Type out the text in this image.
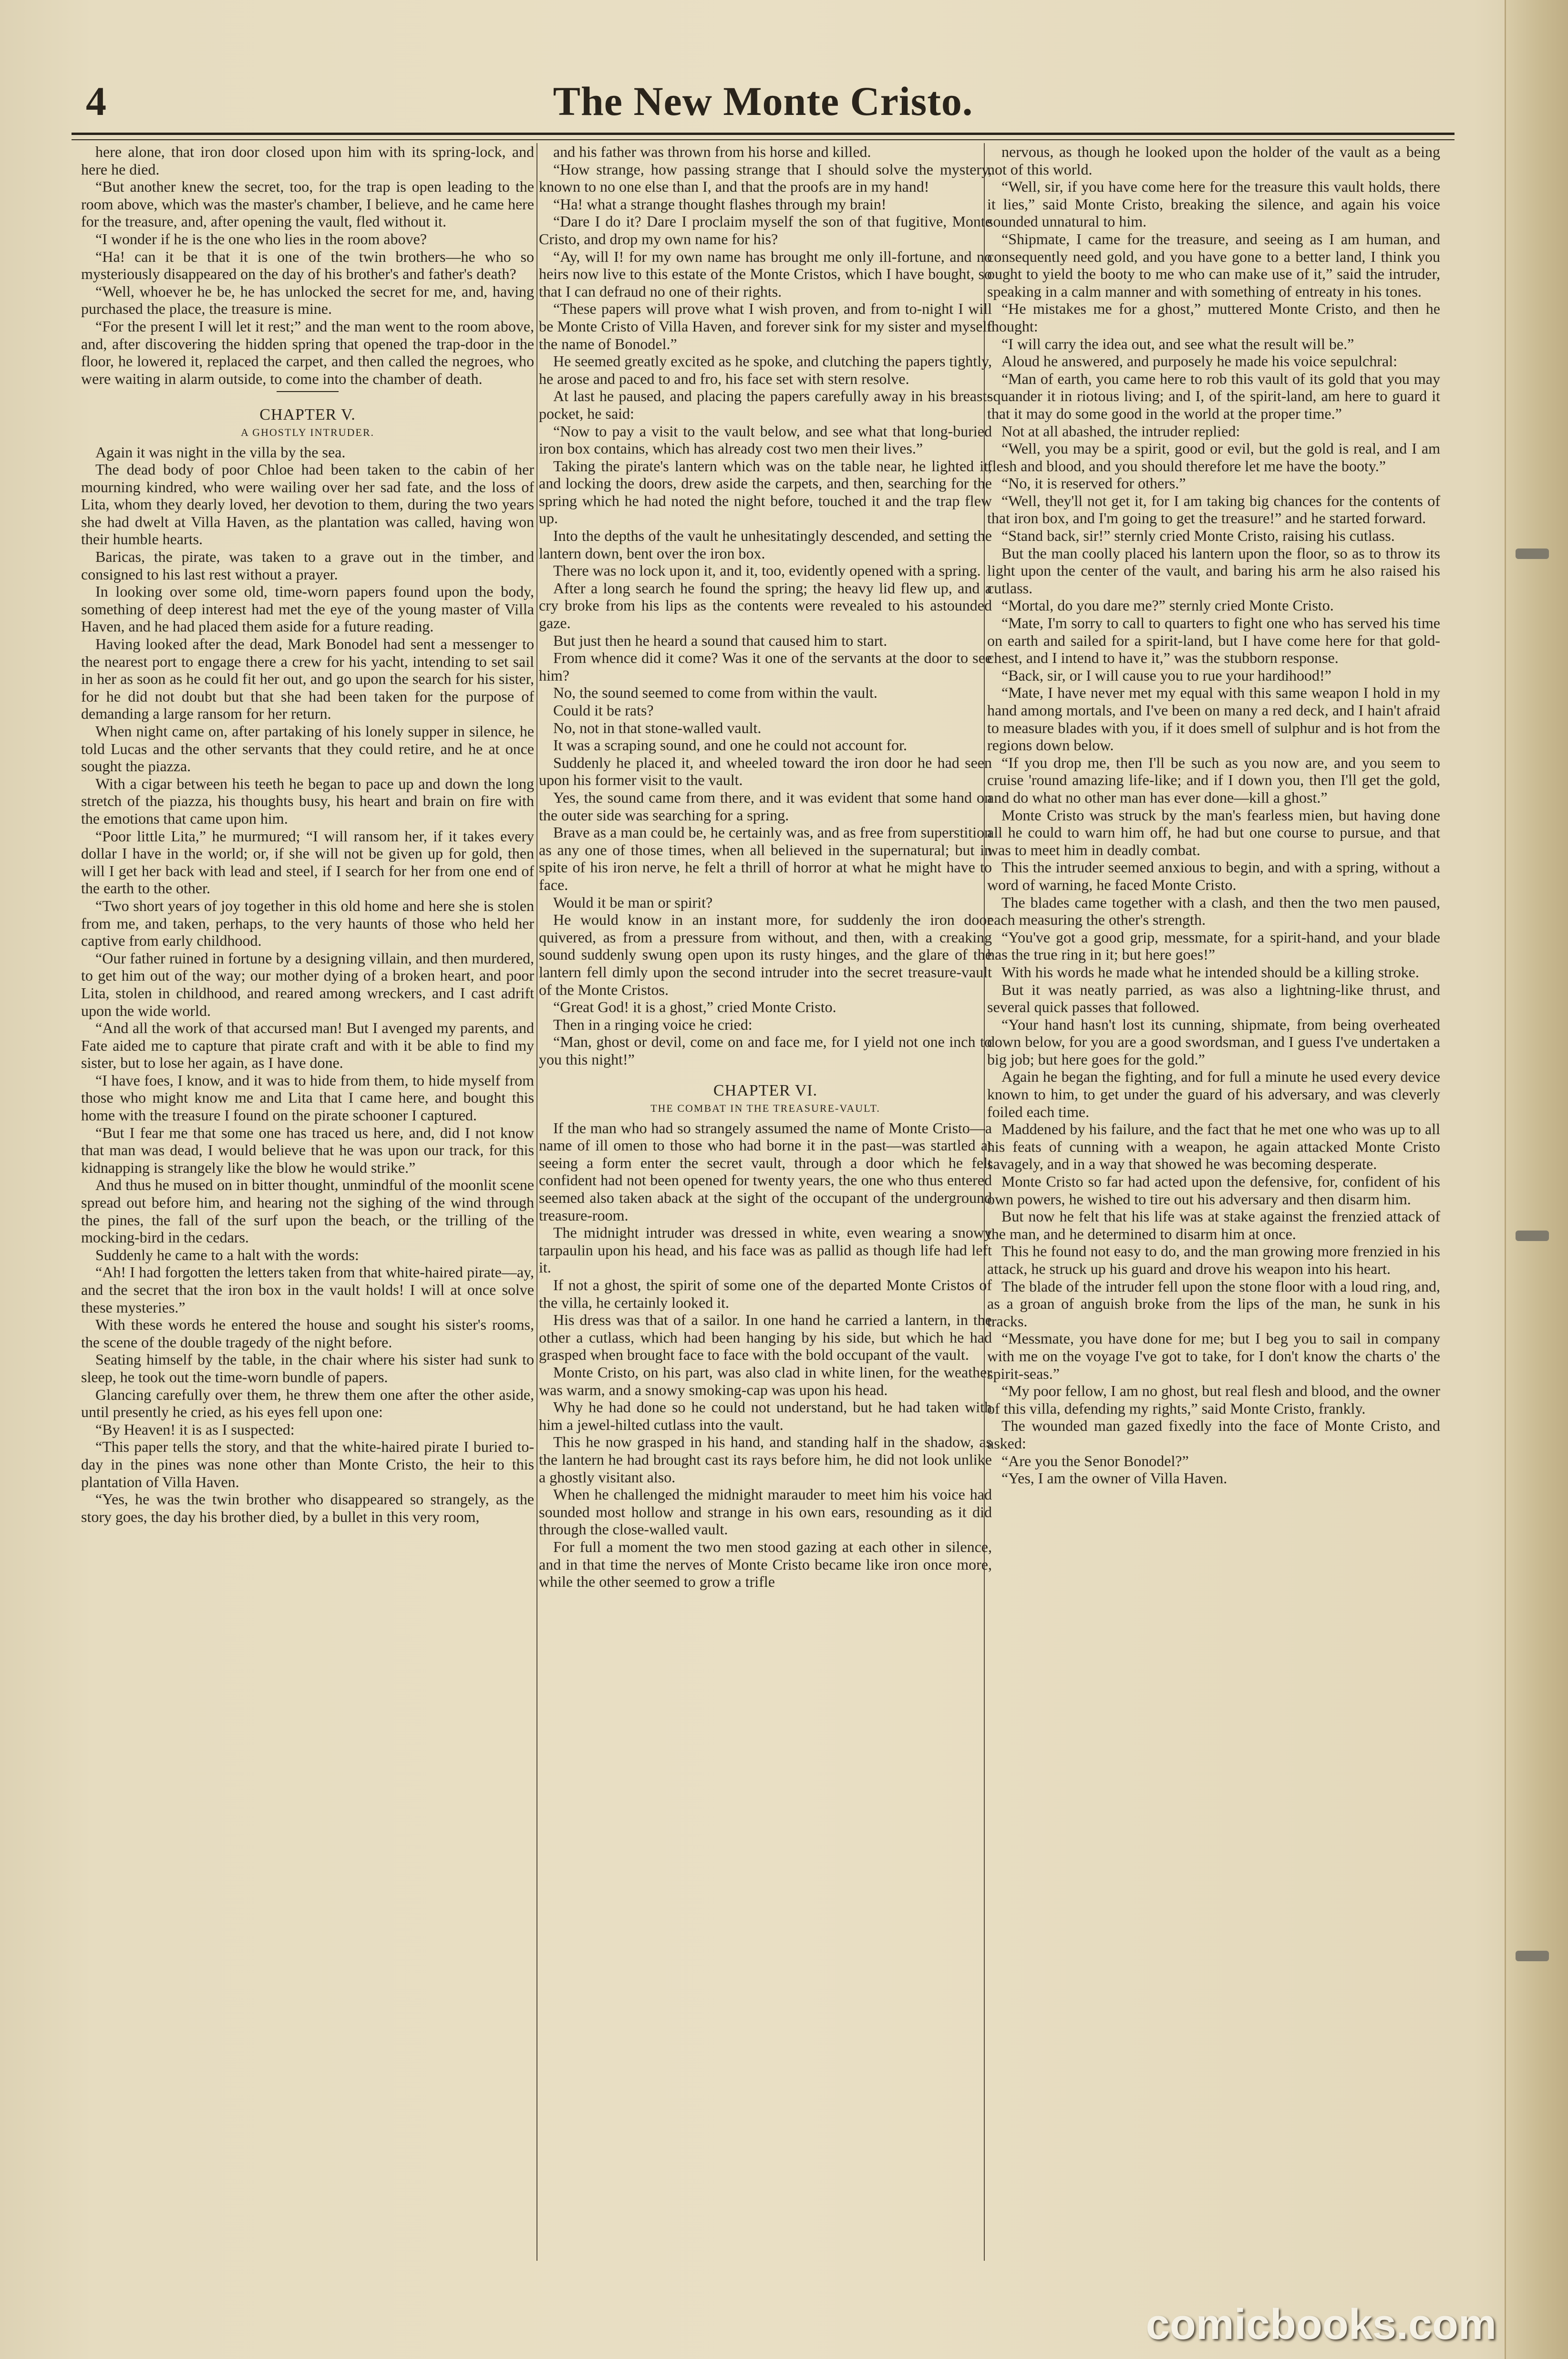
4	The New Monte Cristo.

here alone, that iron door closed upon him with its spring-lock, and here he died.

“But another knew the secret, too, for the trap is open leading to the room above, which was the master's chamber, I believe, and he came here for the treasure, and, after opening the vault, fled without it.

“I wonder if he is the one who lies in the room above?

“Ha! can it be that it is one of the twin brothers—he who so mysteriously disappeared on the day of his brother's and father's death?

“Well, whoever he be, he has unlocked the secret for me, and, having purchased the place, the treasure is mine.

“For the present I will let it rest;” and the man went to the room above, and, after discovering the hidden spring that opened the trap-door in the floor, he lowered it, replaced the carpet, and then called the negroes, who were waiting in alarm outside, to come into the chamber of death.

CHAPTER V.
A GHOSTLY INTRUDER.

Again it was night in the villa by the sea.

The dead body of poor Chloe had been taken to the cabin of her mourning kindred, who were wailing over her sad fate, and the loss of Lita, whom they dearly loved, her devotion to them, during the two years she had dwelt at Villa Haven, as the plantation was called, having won their humble hearts.

Baricas, the pirate, was taken to a grave out in the timber, and consigned to his last rest without a prayer.

In looking over some old, time-worn papers found upon the body, something of deep interest had met the eye of the young master of Villa Haven, and he had placed them aside for a future reading.

Having looked after the dead, Mark Bonodel had sent a messenger to the nearest port to engage there a crew for his yacht, intending to set sail in her as soon as he could fit her out, and go upon the search for his sister, for he did not doubt but that she had been taken for the purpose of demanding a large ransom for her return.

When night came on, after partaking of his lonely supper in silence, he told Lucas and the other servants that they could retire, and he at once sought the piazza.

With a cigar between his teeth he began to pace up and down the long stretch of the piazza, his thoughts busy, his heart and brain on fire with the emotions that came upon him.

“Poor little Lita,” he murmured; “I will ransom her, if it takes every dollar I have in the world; or, if she will not be given up for gold, then will I get her back with lead and steel, if I search for her from one end of the earth to the other.

“Two short years of joy together in this old home and here she is stolen from me, and taken, perhaps, to the very haunts of those who held her captive from early childhood.

“Our father ruined in fortune by a designing villain, and then murdered, to get him out of the way; our mother dying of a broken heart, and poor Lita, stolen in childhood, and reared among wreckers, and I cast adrift upon the wide world.

“And all the work of that accursed man! But I avenged my parents, and Fate aided me to capture that pirate craft and with it be able to find my sister, but to lose her again, as I have done.

“I have foes, I know, and it was to hide from them, to hide myself from those who might know me and Lita that I came here, and bought this home with the treasure I found on the pirate schooner I captured.

“But I fear me that some one has traced us here, and, did I not know that man was dead, I would believe that he was upon our track, for this kidnapping is strangely like the blow he would strike.”

And thus he mused on in bitter thought, unmindful of the moonlit scene spread out before him, and hearing not the sighing of the wind through the pines, the fall of the surf upon the beach, or the trilling of the mocking-bird in the cedars.

Suddenly he came to a halt with the words:

“Ah! I had forgotten the letters taken from that white-haired pirate—ay, and the secret that the iron box in the vault holds! I will at once solve these mysteries.”

With these words he entered the house and sought his sister's rooms, the scene of the double tragedy of the night before.

Seating himself by the table, in the chair where his sister had sunk to sleep, he took out the time-worn bundle of papers.

Glancing carefully over them, he threw them one after the other aside, until presently he cried, as his eyes fell upon one:

“By Heaven! it is as I suspected:

“This paper tells the story, and that the white-haired pirate I buried to-day in the pines was none other than Monte Cristo, the heir to this plantation of Villa Haven.

“Yes, he was the twin brother who disappeared so strangely, as the story goes, the day his brother died, by a bullet in this very room,

and his father was thrown from his horse and killed.

“How strange, how passing strange that I should solve the mystery, known to no one else than I, and that the proofs are in my hand!

“Ha! what a strange thought flashes through my brain!

“Dare I do it? Dare I proclaim myself the son of that fugitive, Monte Cristo, and drop my own name for his?

“Ay, will I! for my own name has brought me only ill-fortune, and no heirs now live to this estate of the Monte Cristos, which I have bought, so that I can defraud no one of their rights.

“These papers will prove what I wish proven, and from to-night I will be Monte Cristo of Villa Haven, and forever sink for my sister and myself the name of Bonodel.”

He seemed greatly excited as he spoke, and clutching the papers tightly, he arose and paced to and fro, his face set with stern resolve.

At last he paused, and placing the papers carefully away in his breast-pocket, he said:

“Now to pay a visit to the vault below, and see what that long-buried iron box contains, which has already cost two men their lives.”

Taking the pirate's lantern which was on the table near, he lighted it, and locking the doors, drew aside the carpets, and then, searching for the spring which he had noted the night before, touched it and the trap flew up.

Into the depths of the vault he unhesitatingly descended, and setting the lantern down, bent over the iron box.

There was no lock upon it, and it, too, evidently opened with a spring.

After a long search he found the spring; the heavy lid flew up, and a cry broke from his lips as the contents were revealed to his astounded gaze.

But just then he heard a sound that caused him to start.

From whence did it come? Was it one of the servants at the door to see him?

No, the sound seemed to come from within the vault.

Could it be rats?

No, not in that stone-walled vault.

It was a scraping sound, and one he could not account for.

Suddenly he placed it, and wheeled toward the iron door he had seen upon his former visit to the vault.

Yes, the sound came from there, and it was evident that some hand on the outer side was searching for a spring.

Brave as a man could be, he certainly was, and as free from superstition as any one of those times, when all believed in the supernatural; but in spite of his iron nerve, he felt a thrill of horror at what he might have to face.

Would it be man or spirit?

He would know in an instant more, for suddenly the iron door quivered, as from a pressure from without, and then, with a creaking sound suddenly swung open upon its rusty hinges, and the glare of the lantern fell dimly upon the second intruder into the secret treasure-vault of the Monte Cristos.

“Great God! it is a ghost,” cried Monte Cristo.

Then in a ringing voice he cried:

“Man, ghost or devil, come on and face me, for I yield not one inch to you this night!”

CHAPTER VI.
THE COMBAT IN THE TREASURE-VAULT.

If the man who had so strangely assumed the name of Monte Cristo—a name of ill omen to those who had borne it in the past—was startled at seeing a form enter the secret vault, through a door which he felt confident had not been opened for twenty years, the one who thus entered seemed also taken aback at the sight of the occupant of the underground treasure-room.

The midnight intruder was dressed in white, even wearing a snowy tarpaulin upon his head, and his face was as pallid as though life had left it.

If not a ghost, the spirit of some one of the departed Monte Cristos of the villa, he certainly looked it.

His dress was that of a sailor. In one hand he carried a lantern, in the other a cutlass, which had been hanging by his side, but which he had grasped when brought face to face with the bold occupant of the vault.

Monte Cristo, on his part, was also clad in white linen, for the weather was warm, and a snowy smoking-cap was upon his head.

Why he had done so he could not understand, but he had taken with him a jewel-hilted cutlass into the vault.

This he now grasped in his hand, and standing half in the shadow, as the lantern he had brought cast its rays before him, he did not look unlike a ghostly visitant also.

When he challenged the midnight marauder to meet him his voice had sounded most hollow and strange in his own ears, resounding as it did through the close-walled vault.

For full a moment the two men stood gazing at each other in silence, and in that time the nerves of Monte Cristo became like iron once more, while the other seemed to grow a trifle

nervous, as though he looked upon the holder of the vault as a being not of this world.

“Well, sir, if you have come here for the treasure this vault holds, there it lies,” said Monte Cristo, breaking the silence, and again his voice sounded unnatural to him.

“Shipmate, I came for the treasure, and seeing as I am human, and consequently need gold, and you have gone to a better land, I think you ought to yield the booty to me who can make use of it,” said the intruder, speaking in a calm manner and with something of entreaty in his tones.

“He mistakes me for a ghost,” muttered Monte Cristo, and then he thought:

“I will carry the idea out, and see what the result will be.”

Aloud he answered, and purposely he made his voice sepulchral:

“Man of earth, you came here to rob this vault of its gold that you may squander it in riotous living; and I, of the spirit-land, am here to guard it that it may do some good in the world at the proper time.”

Not at all abashed, the intruder replied:

“Well, you may be a spirit, good or evil, but the gold is real, and I am flesh and blood, and you should therefore let me have the booty.”

“No, it is reserved for others.”

“Well, they'll not get it, for I am taking big chances for the contents of that iron box, and I'm going to get the treasure!” and he started forward.

“Stand back, sir!” sternly cried Monte Cristo, raising his cutlass.

But the man coolly placed his lantern upon the floor, so as to throw its light upon the center of the vault, and baring his arm he also raised his cutlass.

“Mortal, do you dare me?” sternly cried Monte Cristo.

“Mate, I'm sorry to call to quarters to fight one who has served his time on earth and sailed for a spirit-land, but I have come here for that gold-chest, and I intend to have it,” was the stubborn response.

“Back, sir, or I will cause you to rue your hardihood!”

“Mate, I have never met my equal with this same weapon I hold in my hand among mortals, and I've been on many a red deck, and I hain't afraid to measure blades with you, if it does smell of sulphur and is hot from the regions down below.

“If you drop me, then I'll be such as you now are, and you seem to cruise 'round amazing life-like; and if I down you, then I'll get the gold, and do what no other man has ever done—kill a ghost.”

Monte Cristo was struck by the man's fearless mien, but having done all he could to warn him off, he had but one course to pursue, and that was to meet him in deadly combat.

This the intruder seemed anxious to begin, and with a spring, without a word of warning, he faced Monte Cristo.

The blades came together with a clash, and then the two men paused, each measuring the other's strength.

“You've got a good grip, messmate, for a spirit-hand, and your blade has the true ring in it; but here goes!”

With his words he made what he intended should be a killing stroke.

But it was neatly parried, as was also a lightning-like thrust, and several quick passes that followed.

“Your hand hasn't lost its cunning, shipmate, from being overheated down below, for you are a good swordsman, and I guess I've undertaken a big job; but here goes for the gold.”

Again he began the fighting, and for full a minute he used every device known to him, to get under the guard of his adversary, and was cleverly foiled each time.

Maddened by his failure, and the fact that he met one who was up to all his feats of cunning with a weapon, he again attacked Monte Cristo savagely, and in a way that showed he was becoming desperate.

Monte Cristo so far had acted upon the defensive, for, confident of his own powers, he wished to tire out his adversary and then disarm him.

But now he felt that his life was at stake against the frenzied attack of the man, and he determined to disarm him at once.

This he found not easy to do, and the man growing more frenzied in his attack, he struck up his guard and drove his weapon into his heart.

The blade of the intruder fell upon the stone floor with a loud ring, and, as a groan of anguish broke from the lips of the man, he sunk in his tracks.

“Messmate, you have done for me; but I beg you to sail in company with me on the voyage I've got to take, for I don't know the charts o' the spirit-seas.”

“My poor fellow, I am no ghost, but real flesh and blood, and the owner of this villa, defending my rights,” said Monte Cristo, frankly.

The wounded man gazed fixedly into the face of Monte Cristo, and asked:

“Are you the Senor Bonodel?”

“Yes, I am the owner of Villa Haven.

comicbooks.com
